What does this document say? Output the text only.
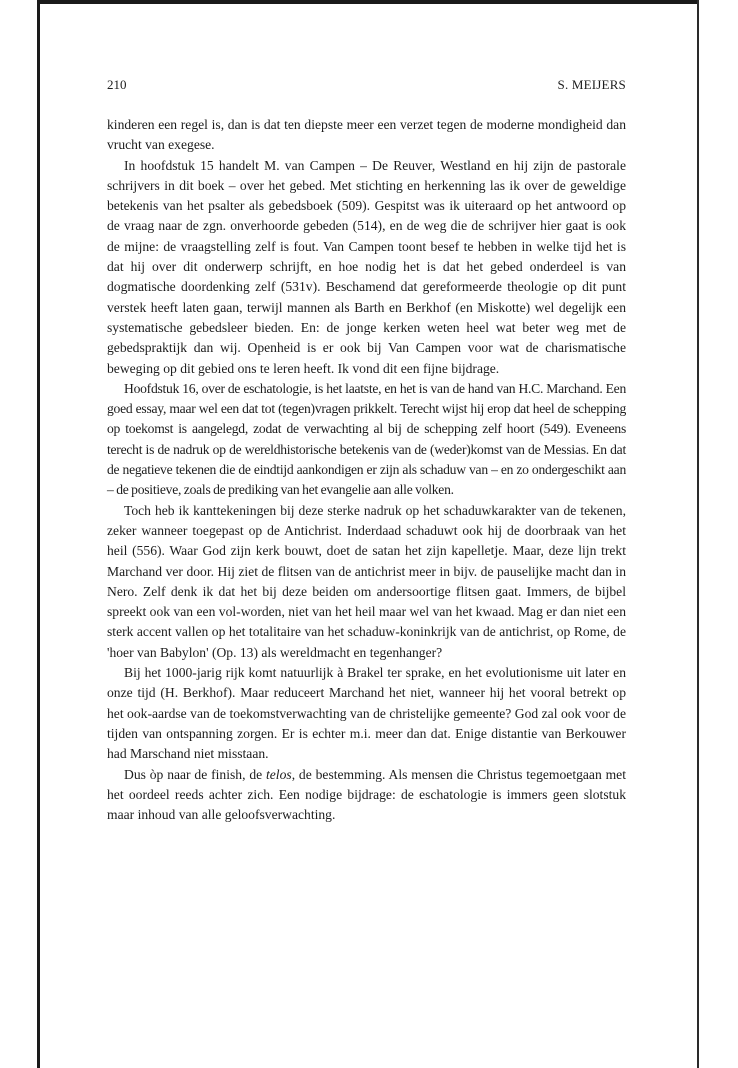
210	S. MEIJERS

kinderen een regel is, dan is dat ten diepste meer een verzet tegen de moderne mondigheid dan vrucht van exegese.

In hoofdstuk 15 handelt M. van Campen – De Reuver, Westland en hij zijn de pastorale schrijvers in dit boek – over het gebed. Met stichting en herkenning las ik over de geweldige betekenis van het psalter als gebedsboek (509). Gespitst was ik uiteraard op het antwoord op de vraag naar de zgn. onverhoorde gebeden (514), en de weg die de schrijver hier gaat is ook de mijne: de vraagstelling zelf is fout. Van Campen toont besef te hebben in welke tijd het is dat hij over dit onderwerp schrijft, en hoe nodig het is dat het gebed onderdeel is van dogmatische doordenking zelf (531v). Beschamend dat gereformeerde theologie op dit punt verstek heeft laten gaan, terwijl mannen als Barth en Berkhof (en Miskotte) wel degelijk een systematische gebedsleer bieden. En: de jonge kerken weten heel wat beter weg met de gebedspraktijk dan wij. Openheid is er ook bij Van Campen voor wat de charismatische beweging op dit gebied ons te leren heeft. Ik vond dit een fijne bijdrage.

Hoofdstuk 16, over de eschatologie, is het laatste, en het is van de hand van H.C. Marchand. Een goed essay, maar wel een dat tot (tegen)vragen prikkelt. Terecht wijst hij erop dat heel de schepping op toekomst is aangelegd, zodat de verwachting al bij de schepping zelf hoort (549). Eveneens terecht is de nadruk op de wereldhistorische betekenis van de (weder)komst van de Messias. En dat de negatieve tekenen die de eindtijd aankondigen er zijn als schaduw van – en zo ondergeschikt aan – de positieve, zoals de prediking van het evangelie aan alle volken.

Toch heb ik kanttekeningen bij deze sterke nadruk op het schaduwkarakter van de tekenen, zeker wanneer toegepast op de Antichrist. Inderdaad schaduwt ook hij de doorbraak van het heil (556). Waar God zijn kerk bouwt, doet de satan het zijn kapelletje. Maar, deze lijn trekt Marchand ver door. Hij ziet de flitsen van de antichrist meer in bijv. de pauselijke macht dan in Nero. Zelf denk ik dat het bij deze beiden om andersoortige flitsen gaat. Immers, de bijbel spreekt ook van een vol-worden, niet van het heil maar wel van het kwaad. Mag er dan niet een sterk accent vallen op het totalitaire van het schaduw-koninkrijk van de antichrist, op Rome, de 'hoer van Babylon' (Op. 13) als wereldmacht en tegenhanger?

Bij het 1000-jarig rijk komt natuurlijk à Brakel ter sprake, en het evolutionisme uit later en onze tijd (H. Berkhof). Maar reduceert Marchand het niet, wanneer hij het vooral betrekt op het ook-aardse van de toekomstverwachting van de christelijke gemeente? God zal ook voor de tijden van ontspanning zorgen. Er is echter m.i. meer dan dat. Enige distantie van Berkouwer had Marschand niet misstaan.

Dus òp naar de finish, de telos, de bestemming. Als mensen die Christus tegemoetgaan met het oordeel reeds achter zich. Een nodige bijdrage: de eschatologie is immers geen slotstuk maar inhoud van alle geloofsverwachting.
